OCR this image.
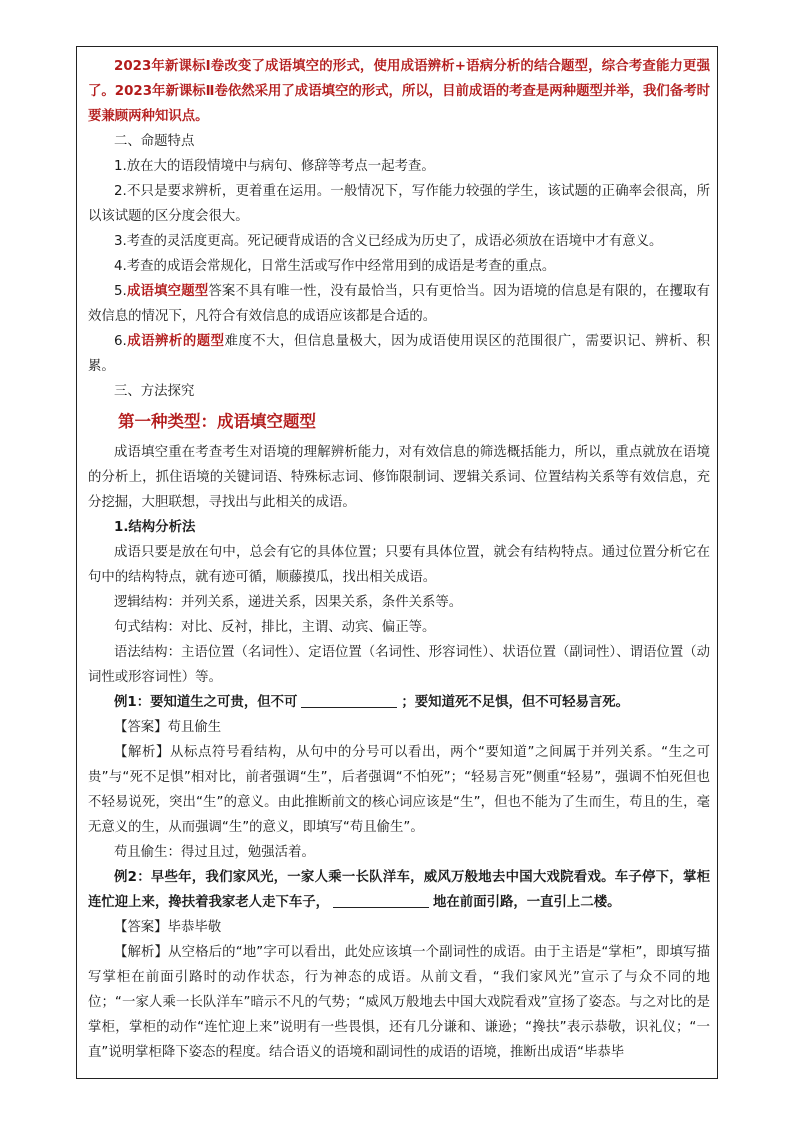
2023年新课标Ⅰ卷改变了成语填空的形式，使用成语辨析+语病分析的结合题型，综合考查能力更强了。2023年新课标Ⅱ卷依然采用了成语填空的形式，所以，目前成语的考查是两种题型并举，我们备考时要兼顾两种知识点。

二、命题特点

1.放在大的语段情境中与病句、修辞等考点一起考查。

2.不只是要求辨析，更着重在运用。一般情况下，写作能力较强的学生，该试题的正确率会很高，所以该试题的区分度会很大。

3.考查的灵活度更高。死记硬背成语的含义已经成为历史了，成语必须放在语境中才有意义。

4.考查的成语会常规化，日常生活或写作中经常用到的成语是考查的重点。

5.成语填空题型答案不具有唯一性，没有最恰当，只有更恰当。因为语境的信息是有限的，在攫取有效信息的情况下，凡符合有效信息的成语应该都是合适的。

6.成语辨析的题型难度不大，但信息量极大，因为成语使用误区的范围很广，需要识记、辨析、积累。

三、方法探究

第一种类型：成语填空题型

成语填空重在考查考生对语境的理解辨析能力，对有效信息的筛选概括能力，所以，重点就放在语境的分析上，抓住语境的关键词语、特殊标志词、修饰限制词、逻辑关系词、位置结构关系等有效信息，充分挖掘，大胆联想，寻找出与此相关的成语。

1.结构分析法

成语只要是放在句中，总会有它的具体位置；只要有具体位置，就会有结构特点。通过位置分析它在句中的结构特点，就有迹可循，顺藤摸瓜，找出相关成语。

逻辑结构：并列关系，递进关系，因果关系，条件关系等。

句式结构：对比、反衬，排比，主谓、动宾、偏正等。

语法结构：主语位置（名词性）、定语位置（名词性、形容词性）、状语位置（副词性）、谓语位置（动词性或形容词性）等。

例1：要知道生之可贵，但不可	；要知道死不足惧，但不可轻易言死。

【答案】苟且偷生

【解析】从标点符号看结构，从句中的分号可以看出，两个“要知道”之间属于并列关系。“生之可贵”与“死不足惧”相对比，前者强调“生”，后者强调“不怕死”；“轻易言死”侧重“轻易”，强调不怕死但也不轻易说死，突出“生”的意义。由此推断前文的核心词应该是“生”，但也不能为了生而生，苟且的生，毫无意义的生，从而强调“生”的意义，即填写“苟且偷生”。

苟且偷生：得过且过，勉强活着。

例2：早些年，我们家风光，一家人乘一长队洋车，威风万般地去中国大戏院看戏。车子停下，掌柜连忙迎上来，搀扶着我家老人走下车子，	地在前面引路，一直引上二楼。

【答案】毕恭毕敬

【解析】从空格后的“地”字可以看出，此处应该填一个副词性的成语。由于主语是“掌柜”，即填写描写掌柜在前面引路时的动作状态，行为神态的成语。从前文看，“我们家风光”宣示了与众不同的地位；“一家人乘一长队洋车”暗示不凡的气势；“威风万般地去中国大戏院看戏”宣扬了姿态。与之对比的是掌柜，掌柜的动作“连忙迎上来”说明有一些畏惧，还有几分谦和、谦逊；“搀扶”表示恭敬，识礼仪；“一直”说明掌柜降下姿态的程度。结合语义的语境和副词性的成语的语境，推断出成语“毕恭毕
